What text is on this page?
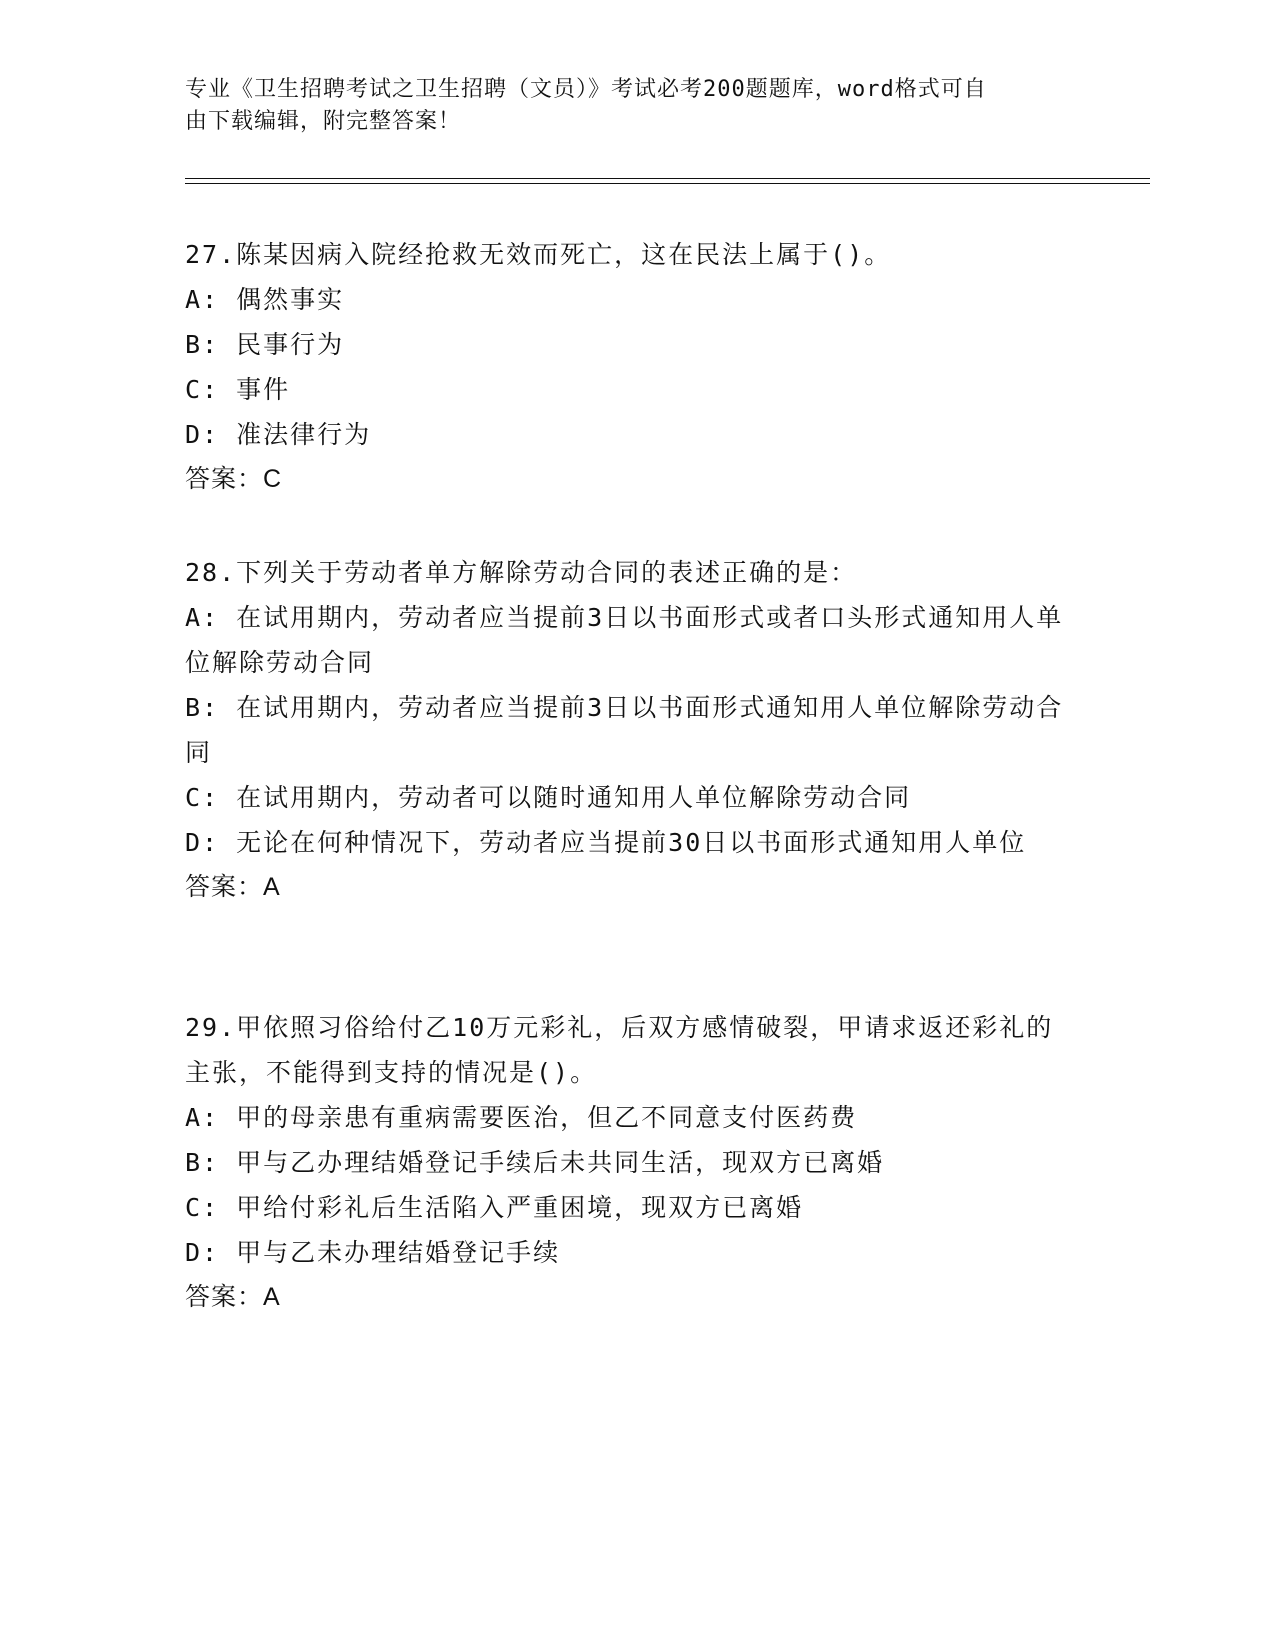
专业《卫生招聘考试之卫生招聘（文员）》考试必考200题题库，word格式可自
由下载编辑，附完整答案！
27.陈某因病入院经抢救无效而死亡，这在民法上属于()。
A: 偶然事实
B: 民事行为
C: 事件
D: 准法律行为
答案：C
28.下列关于劳动者单方解除劳动合同的表述正确的是：
A: 在试用期内，劳动者应当提前3日以书面形式或者口头形式通知用人单位解除劳动合同
B: 在试用期内，劳动者应当提前3日以书面形式通知用人单位解除劳动合同
C: 在试用期内，劳动者可以随时通知用人单位解除劳动合同
D: 无论在何种情况下，劳动者应当提前30日以书面形式通知用人单位
答案：A
29.甲依照习俗给付乙10万元彩礼，后双方感情破裂，甲请求返还彩礼的主张，不能得到支持的情况是()。
A: 甲的母亲患有重病需要医治，但乙不同意支付医药费
B: 甲与乙办理结婚登记手续后未共同生活，现双方已离婚
C: 甲给付彩礼后生活陷入严重困境，现双方已离婚
D: 甲与乙未办理结婚登记手续
答案：A
